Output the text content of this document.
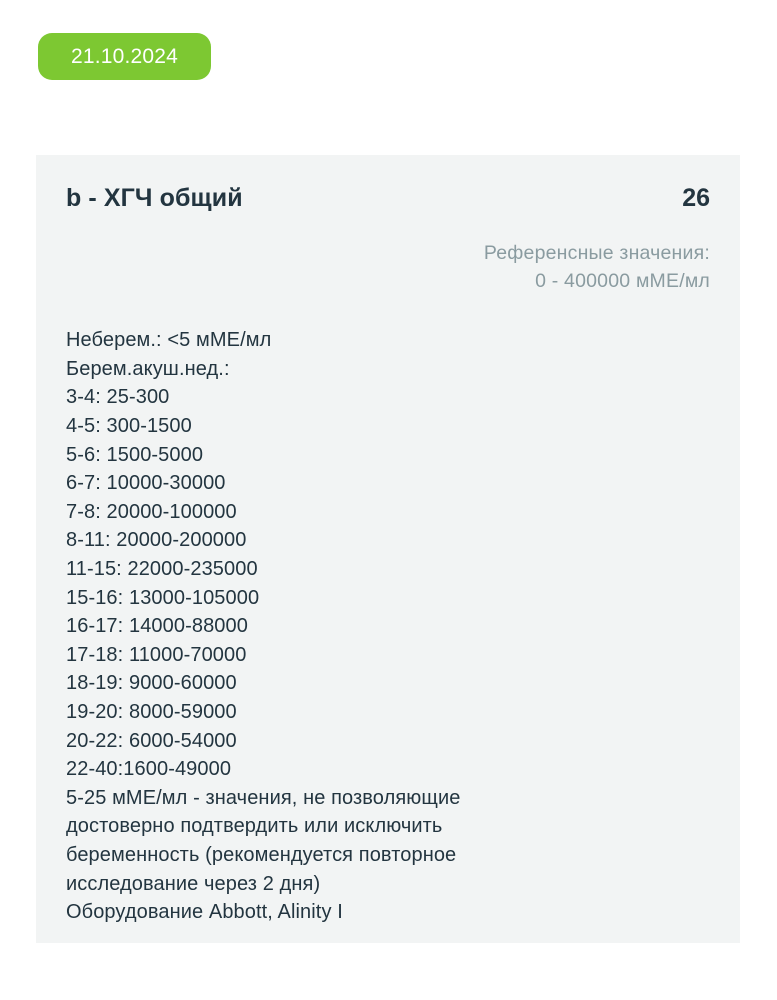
21.10.2024
b - ХГЧ общий	26
Референсные значения:
0 - 400000 мМЕ/мл
Неберем.: <5 мМЕ/мл
Берем.акуш.нед.:
3-4: 25-300
4-5: 300-1500
5-6: 1500-5000
6-7: 10000-30000
7-8: 20000-100000
8-11: 20000-200000
11-15: 22000-235000
15-16: 13000-105000
16-17: 14000-88000
17-18: 11000-70000
18-19: 9000-60000
19-20: 8000-59000
20-22: 6000-54000
22-40:1600-49000
5-25 мМЕ/мл - значения, не позволяющие
достоверно подтвердить или исключить
беременность (рекомендуется повторное
исследование через 2 дня)
Оборудование Abbott, Alinity I
